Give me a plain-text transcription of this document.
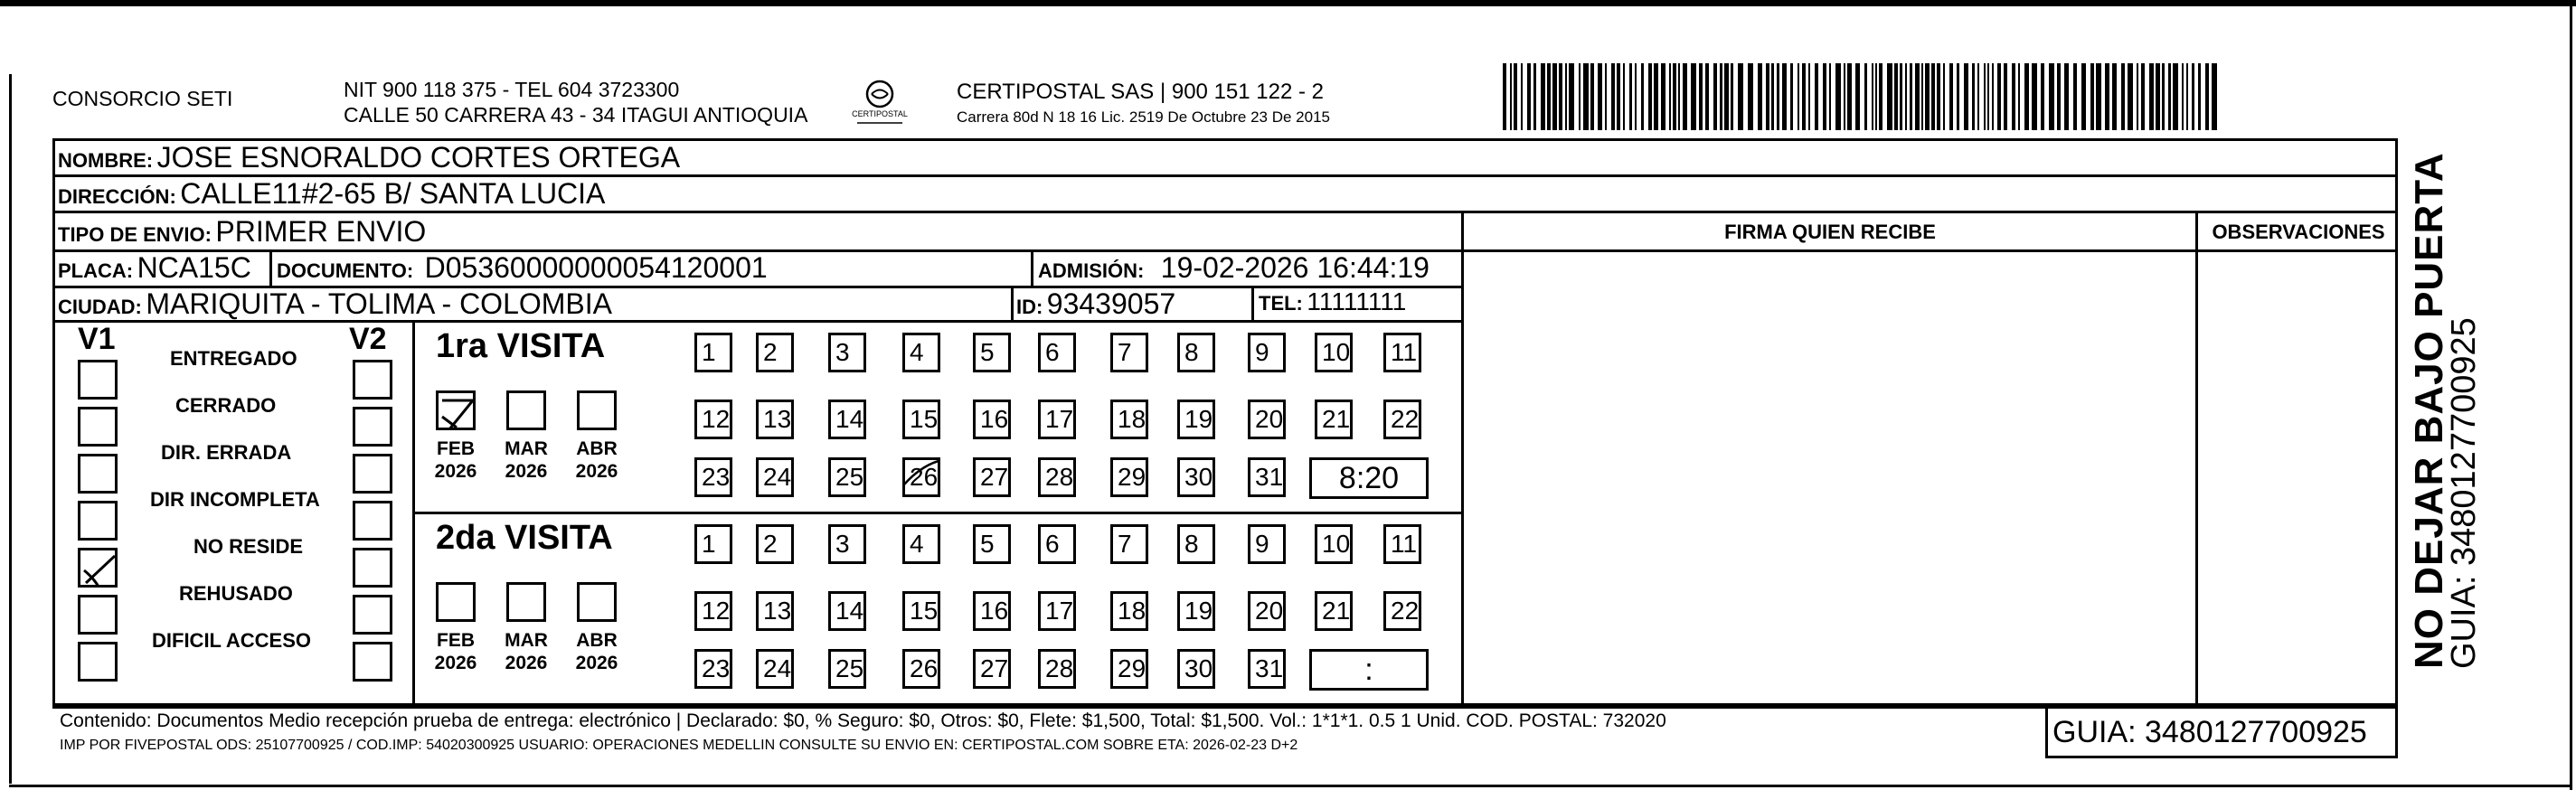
CONSORCIO SETI	NIT 900 118 375 - TEL 604 3723300
CALLE 50 CARRERA 43 - 34 ITAGUI ANTIOQUIA	CERTIPOSTAL
CERTIPOSTAL SAS | 900 151 122 - 2
Carrera 80d N 18 16 Lic. 2519 De Octubre 23 De 2015
NOMBRE: JOSE ESNORALDO CORTES ORTEGA
DIRECCIÓN: CALLE11#2-65 B/ SANTA LUCIA
TIPO DE ENVIO: PRIMER ENVIO	FIRMA QUIEN RECIBE	OBSERVACIONES
PLACA: NCA15C DOCUMENTO: D05360000000054120001	ADMISIÓN: 19-02-2026 16:44:19
CIUDAD: MARIQUITA - TOLIMA - COLOMBIA	ID: 93439057	TEL: 11111111
V1	V2
ENTREGADO
CERRADO
DIR. ERRADA
DIR INCOMPLETA
NO RESIDE
REHUSADO
DIFICIL ACCESO
1ra VISITA
FEB
2026
MAR
2026
ABR
2026
1	2	3	4	5	6	7	8	9	10 11
12 13 14 15 16 17 18 19 20 21 22
23 24 25 26 27 28 29 30 31	8:20
2da VISITA
FEB
2026
MAR
2026
ABR
2026
1	2	3	4	5	6	7	8	9	10 11
12 13 14 15 16 17 18 19 20 21 22
23 24 25 26 27 28 29 30 31	:
Contenido: Documentos Medio recepción prueba de entrega: electrónico | Declarado: $0, % Seguro: $0, Otros: $0, Flete: $1,500, Total: $1,500. Vol.: 1*1*1. 0.5 1 Unid. COD. POSTAL: 732020
IMP POR FIVEPOSTAL ODS: 25107700925 / COD.IMP: 54020300925 USUARIO: OPERACIONES MEDELLIN CONSULTE SU ENVIO EN: CERTIPOSTAL.COM SOBRE ETA: 2026-02-23 D+2	GUIA: 3480127700925
NO DEJAR BAJO PUERTA
GUIA: 3480127700925
